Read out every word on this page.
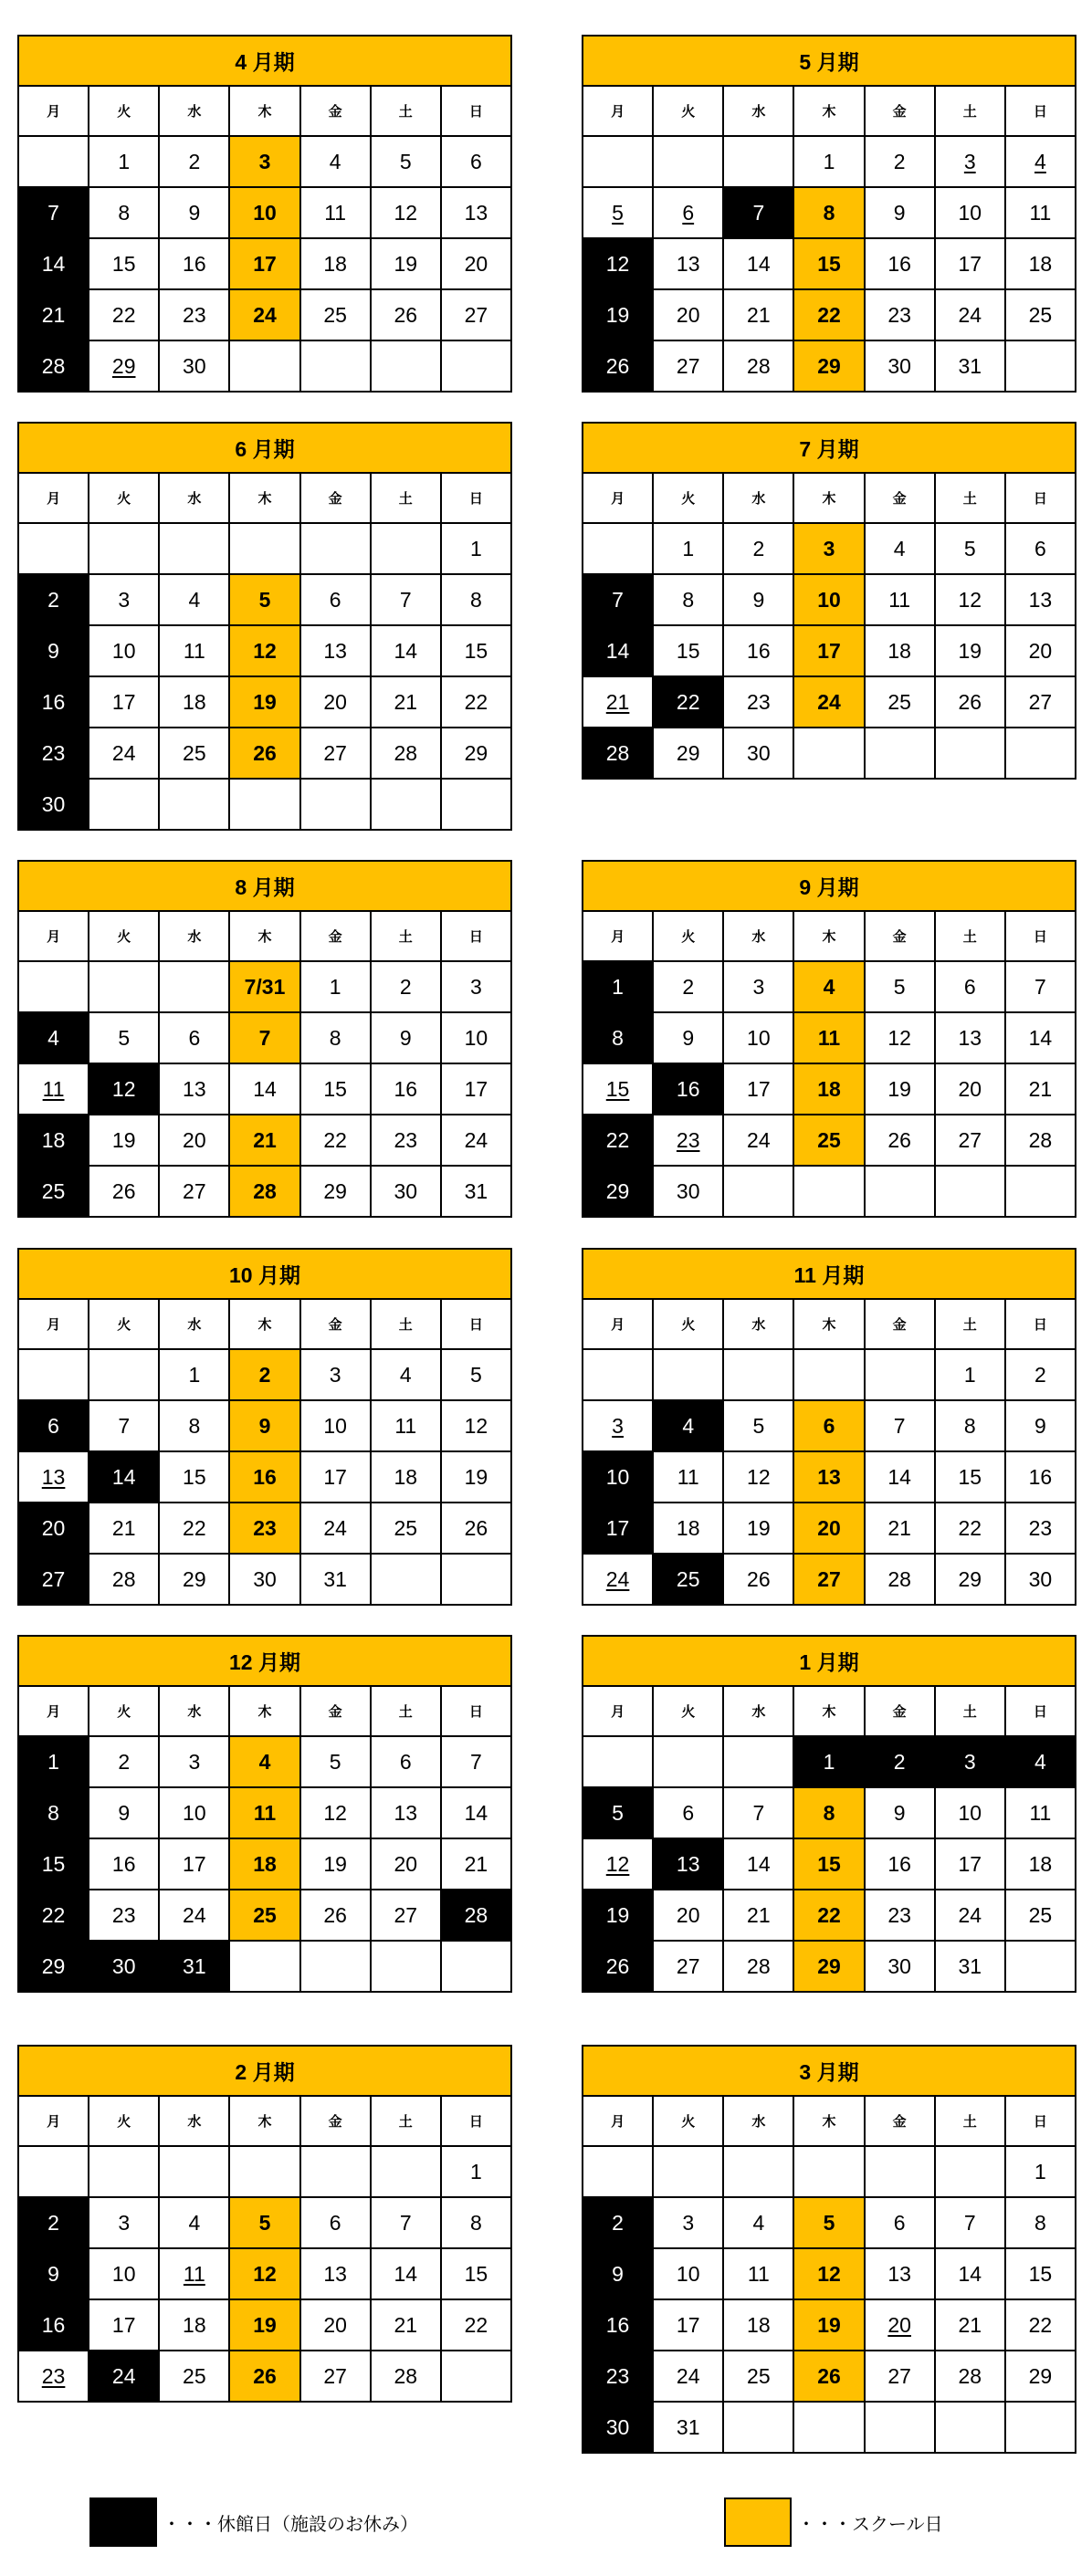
4 月期						
月	火	水	木	金	土	日
	1	2	3	4	5	6
7	8	9	10	11	12	13
14	15	16	17	18	19	20
21	22	23	24	25	26	27
28	29	30				
5 月期						
月	火	水	木	金	土	日
			1	2	3	4
5	6	7	8	9	10	11
12	13	14	15	16	17	18
19	20	21	22	23	24	25
26	27	28	29	30	31	
6 月期						
月	火	水	木	金	土	日
						1
2	3	4	5	6	7	8
9	10	11	12	13	14	15
16	17	18	19	20	21	22
23	24	25	26	27	28	29
30						
7 月期						
月	火	水	木	金	土	日
	1	2	3	4	5	6
7	8	9	10	11	12	13
14	15	16	17	18	19	20
21	22	23	24	25	26	27
28	29	30				
8 月期						
月	火	水	木	金	土	日
			7/31	1	2	3
4	5	6	7	8	9	10
11	12	13	14	15	16	17
18	19	20	21	22	23	24
25	26	27	28	29	30	31
9 月期						
月	火	水	木	金	土	日
1	2	3	4	5	6	7
8	9	10	11	12	13	14
15	16	17	18	19	20	21
22	23	24	25	26	27	28
29	30					
10 月期						
月	火	水	木	金	土	日
		1	2	3	4	5
6	7	8	9	10	11	12
13	14	15	16	17	18	19
20	21	22	23	24	25	26
27	28	29	30	31		
11 月期						
月	火	水	木	金	土	日
					1	2
3	4	5	6	7	8	9
10	11	12	13	14	15	16
17	18	19	20	21	22	23
24	25	26	27	28	29	30
12 月期						
月	火	水	木	金	土	日
1	2	3	4	5	6	7
8	9	10	11	12	13	14
15	16	17	18	19	20	21
22	23	24	25	26	27	28
29	30	31				
1 月期						
月	火	水	木	金	土	日
			1	2	3	4
5	6	7	8	9	10	11
12	13	14	15	16	17	18
19	20	21	22	23	24	25
26	27	28	29	30	31	
2 月期						
月	火	水	木	金	土	日
						1
2	3	4	5	6	7	8
9	10	11	12	13	14	15
16	17	18	19	20	21	22
23	24	25	26	27	28	
3 月期						
月	火	水	木	金	土	日
						1
2	3	4	5	6	7	8
9	10	11	12	13	14	15
16	17	18	19	20	21	22
23	24	25	26	27	28	29
30	31					
・・・休館日（施設のお休み）	・・・スクール日
